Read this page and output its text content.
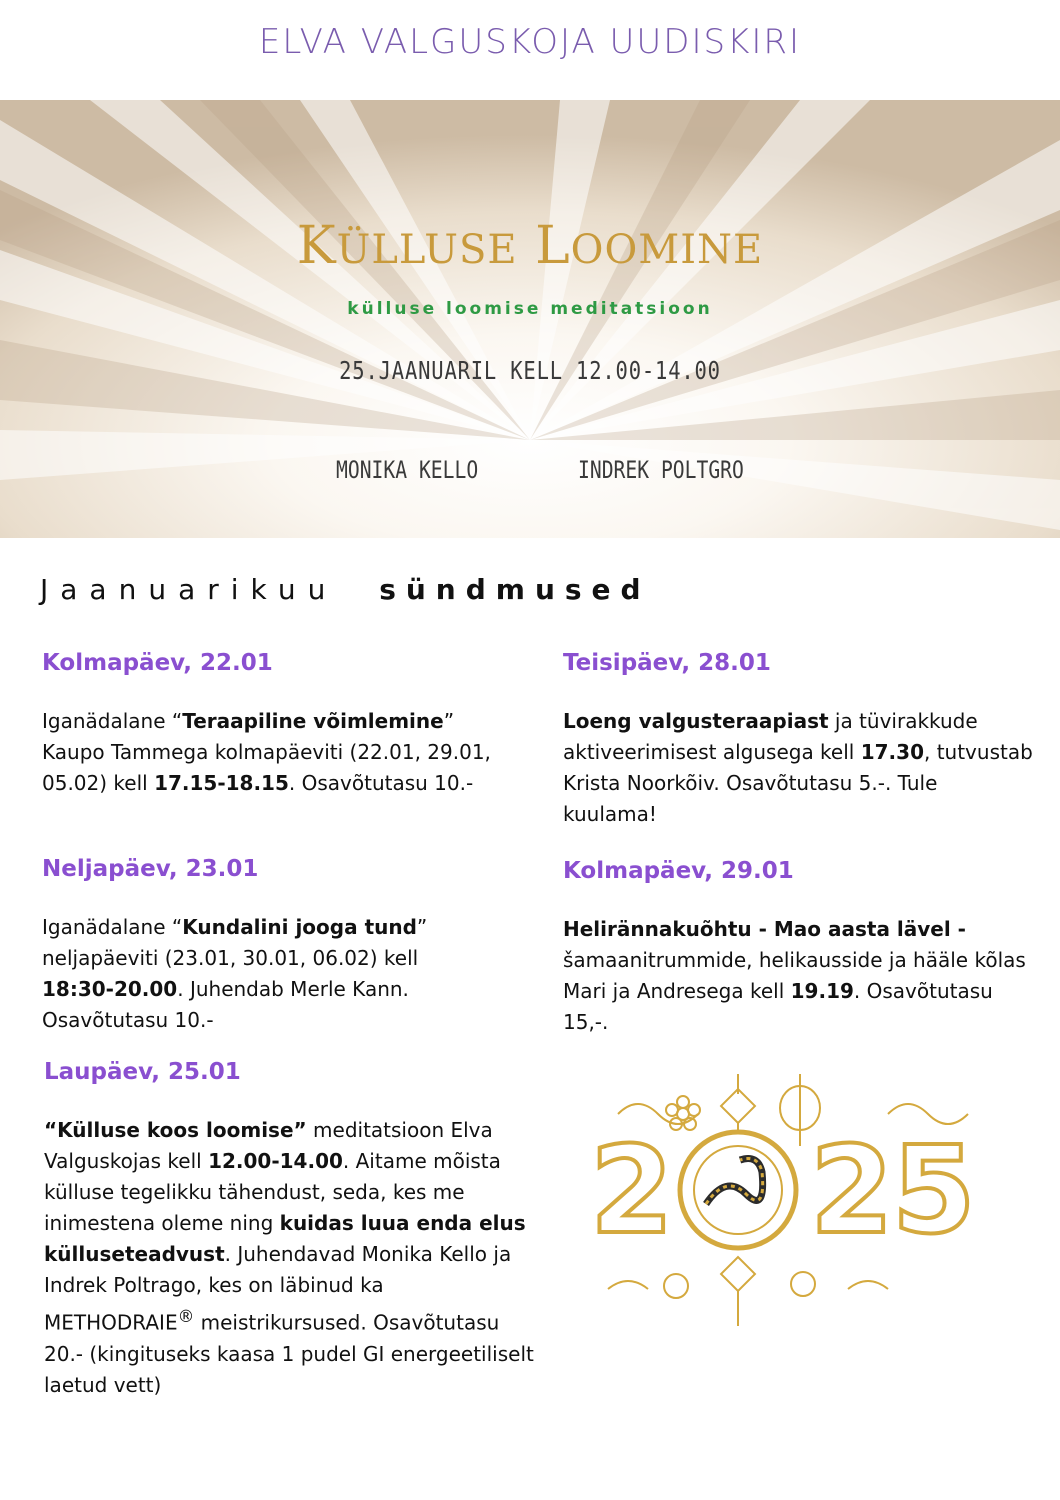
ELVA VALGUSKOJA UUDISKIRI
KÜLLUSE LOOMINE
külluse loomise meditatsioon
25.JAANUARIL KELL 12.00-14.00
MONIKA KELLO	INDREK POLTGRO
Jaanuarikuu sündmused
Kolmapäev, 22.01

Iganädalane “Teraapiline võimlemine” Kaupo Tammega kolmapäeviti (22.01, 29.01, 05.02) kell 17.15-18.15. Osavõtutasu 10.-

Neljapäev, 23.01

Iganädalane “Kundalini jooga tund” neljapäeviti (23.01, 30.01, 06.02) kell 18:30-20.00. Juhendab Merle Kann. Osavõtutasu 10.-

Laupäev, 25.01

“Külluse koos loomise” meditatsioon Elva Valguskojas kell 12.00-14.00. Aitame mõista külluse tegelikku tähendust, seda, kes me inimestena oleme ning kuidas luua enda elus külluseteadvust. Juhendavad Monika Kello ja Indrek Poltrago, kes on läbinud ka METHODRAIE® meistrikursused. Osavõtutasu 20.- (kingituseks kaasa 1 pudel GI energeetiliselt laetud vett)

Teisipäev, 28.01

Loeng valgusteraapiast ja tüvirakkude aktiveerimisest algusega kell 17.30, tutvustab Krista Noorkõiv. Osavõtutasu 5.-. Tule kuulama!

Kolmapäev, 29.01

Helirännakuõhtu - Mao aasta lävel - šamaanitrummide, helikausside ja hääle kõlas Mari ja Andresega kell 19.19. Osavõtutasu 15,-.

2 2
5
